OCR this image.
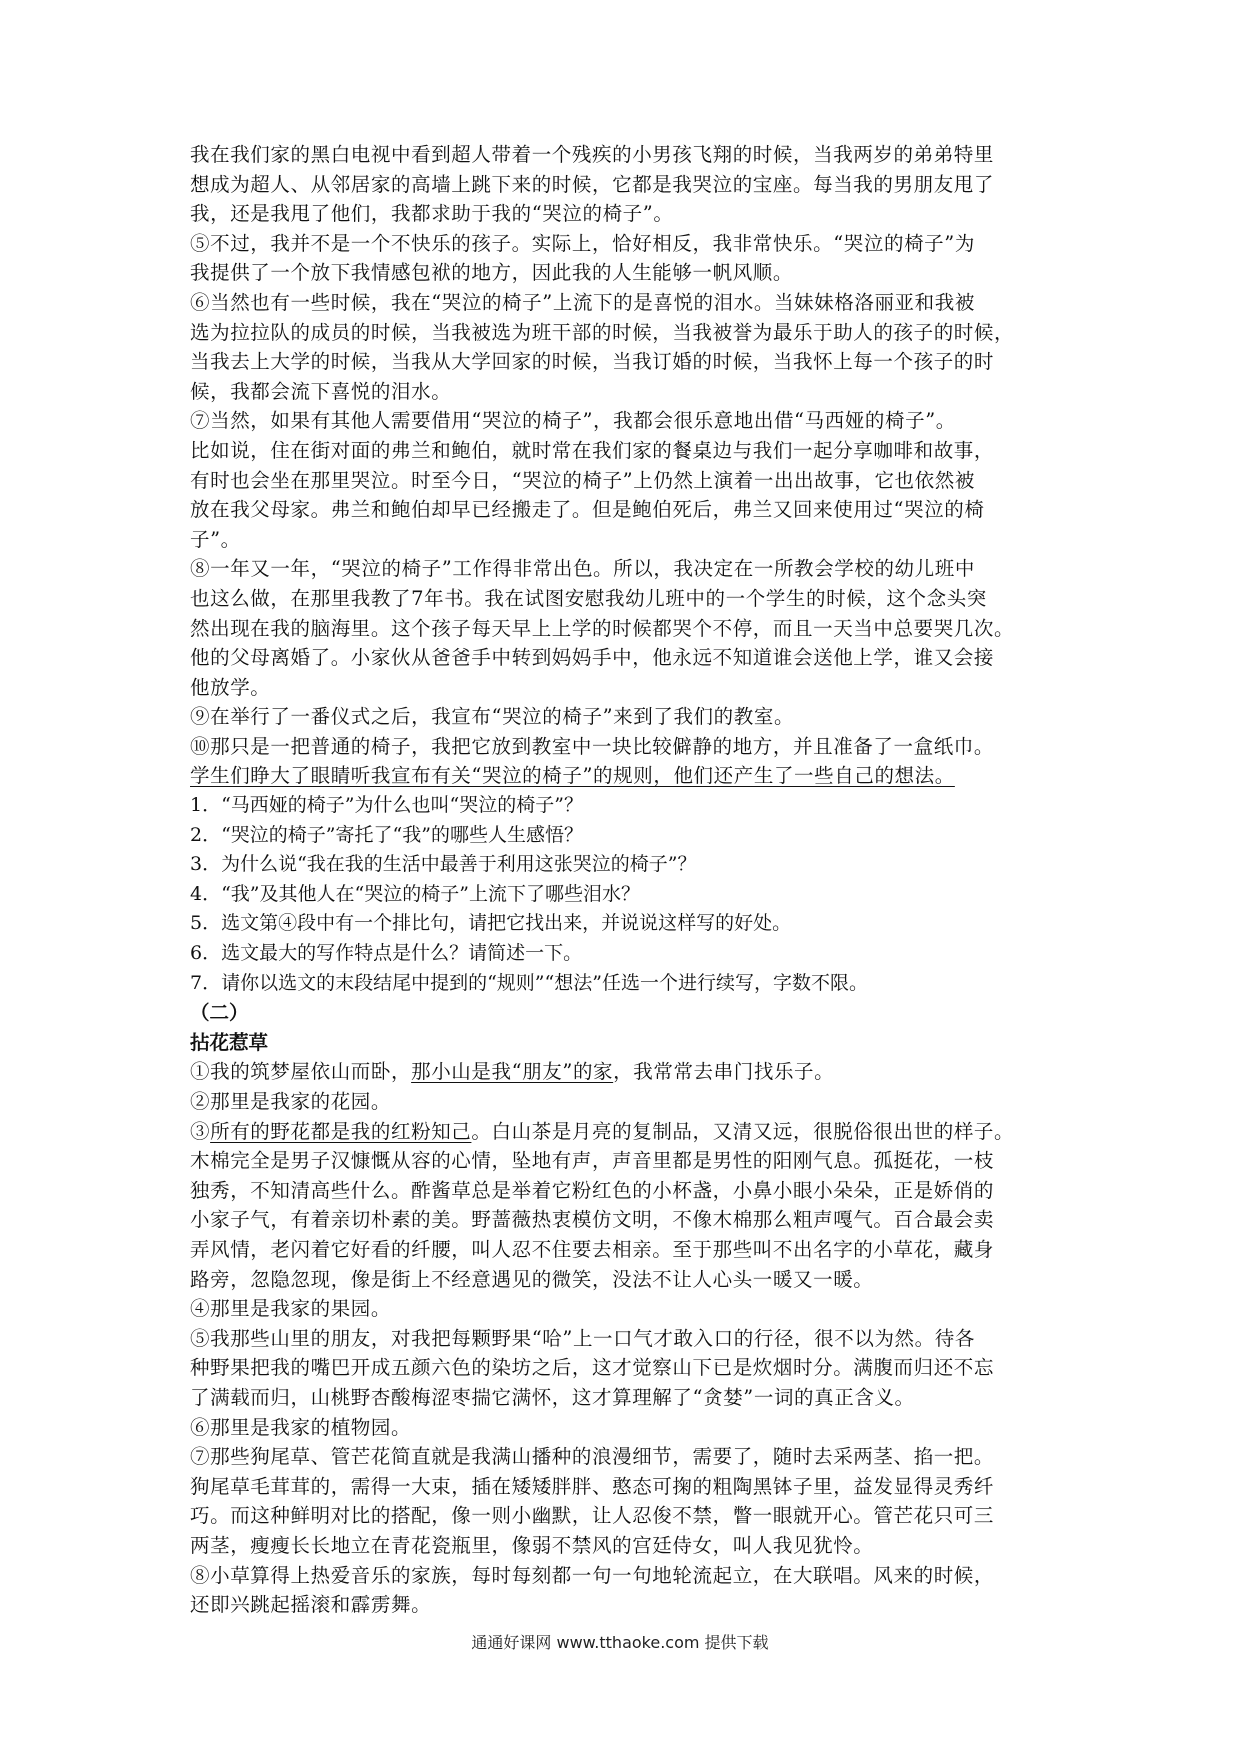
我在我们家的黑白电视中看到超人带着一个残疾的小男孩飞翔的时候，当我两岁的弟弟特里
想成为超人、从邻居家的高墙上跳下来的时候，它都是我哭泣的宝座。每当我的男朋友甩了
我，还是我甩了他们，我都求助于我的“哭泣的椅子”。
⑤不过，我并不是一个不快乐的孩子。实际上，恰好相反，我非常快乐。“哭泣的椅子”为
我提供了一个放下我情感包袱的地方，因此我的人生能够一帆风顺。
⑥当然也有一些时候，我在“哭泣的椅子”上流下的是喜悦的泪水。当妹妹格洛丽亚和我被
选为拉拉队的成员的时候，当我被选为班干部的时候，当我被誉为最乐于助人的孩子的时候，
当我去上大学的时候，当我从大学回家的时候，当我订婚的时候，当我怀上每一个孩子的时
候，我都会流下喜悦的泪水。
⑦当然，如果有其他人需要借用“哭泣的椅子”，我都会很乐意地出借“马西娅的椅子”。
比如说，住在街对面的弗兰和鲍伯，就时常在我们家的餐桌边与我们一起分享咖啡和故事，
有时也会坐在那里哭泣。时至今日，“哭泣的椅子”上仍然上演着一出出故事，它也依然被
放在我父母家。弗兰和鲍伯却早已经搬走了。但是鲍伯死后，弗兰又回来使用过“哭泣的椅
子”。
⑧一年又一年，“哭泣的椅子”工作得非常出色。所以，我决定在一所教会学校的幼儿班中
也这么做，在那里我教了7年书。我在试图安慰我幼儿班中的一个学生的时候，这个念头突
然出现在我的脑海里。这个孩子每天早上上学的时候都哭个不停，而且一天当中总要哭几次。
他的父母离婚了。小家伙从爸爸手中转到妈妈手中，他永远不知道谁会送他上学，谁又会接
他放学。
⑨在举行了一番仪式之后，我宣布“哭泣的椅子”来到了我们的教室。
⑩那只是一把普通的椅子，我把它放到教室中一块比较僻静的地方，并且准备了一盒纸巾。
学生们睁大了眼睛听我宣布有关“哭泣的椅子”的规则，他们还产生了一些自己的想法。
1．“马西娅的椅子”为什么也叫“哭泣的椅子”？
2．“哭泣的椅子”寄托了“我”的哪些人生感悟？
3．为什么说“我在我的生活中最善于利用这张哭泣的椅子”？
4．“我”及其他人在“哭泣的椅子”上流下了哪些泪水？
5．选文第④段中有一个排比句，请把它找出来，并说说这样写的好处。
6．选文最大的写作特点是什么？请简述一下。
7．请你以选文的末段结尾中提到的“规则”“想法”任选一个进行续写，字数不限。
（二）
拈花惹草
①我的筑梦屋依山而卧，那小山是我“朋友”的家，我常常去串门找乐子。
②那里是我家的花园。
③所有的野花都是我的红粉知己。白山茶是月亮的复制品，又清又远，很脱俗很出世的样子。
木棉完全是男子汉慷慨从容的心情，坠地有声，声音里都是男性的阳刚气息。孤挺花，一枝
独秀，不知清高些什么。酢酱草总是举着它粉红色的小杯盏，小鼻小眼小朵朵，正是娇俏的
小家子气，有着亲切朴素的美。野蔷薇热衷模仿文明，不像木棉那么粗声嘎气。百合最会卖
弄风情，老闪着它好看的纤腰，叫人忍不住要去相亲。至于那些叫不出名字的小草花，藏身
路旁，忽隐忽现，像是街上不经意遇见的微笑，没法不让人心头一暖又一暖。
④那里是我家的果园。
⑤我那些山里的朋友，对我把每颗野果“哈”上一口气才敢入口的行径，很不以为然。待各
种野果把我的嘴巴开成五颜六色的染坊之后，这才觉察山下已是炊烟时分。满腹而归还不忘
了满载而归，山桃野杏酸梅涩枣揣它满怀，这才算理解了“贪婪”一词的真正含义。
⑥那里是我家的植物园。
⑦那些狗尾草、管芒花简直就是我满山播种的浪漫细节，需要了，随时去采两茎、掐一把。
狗尾草毛茸茸的，需得一大束，插在矮矮胖胖、憨态可掬的粗陶黑钵子里，益发显得灵秀纤
巧。而这种鲜明对比的搭配，像一则小幽默，让人忍俊不禁，瞥一眼就开心。管芒花只可三
两茎，瘦瘦长长地立在青花瓷瓶里，像弱不禁风的宫廷侍女，叫人我见犹怜。
⑧小草算得上热爱音乐的家族，每时每刻都一句一句地轮流起立，在大联唱。风来的时候，
还即兴跳起摇滚和霹雳舞。
通通好课网 www.tthaoke.com 提供下载
